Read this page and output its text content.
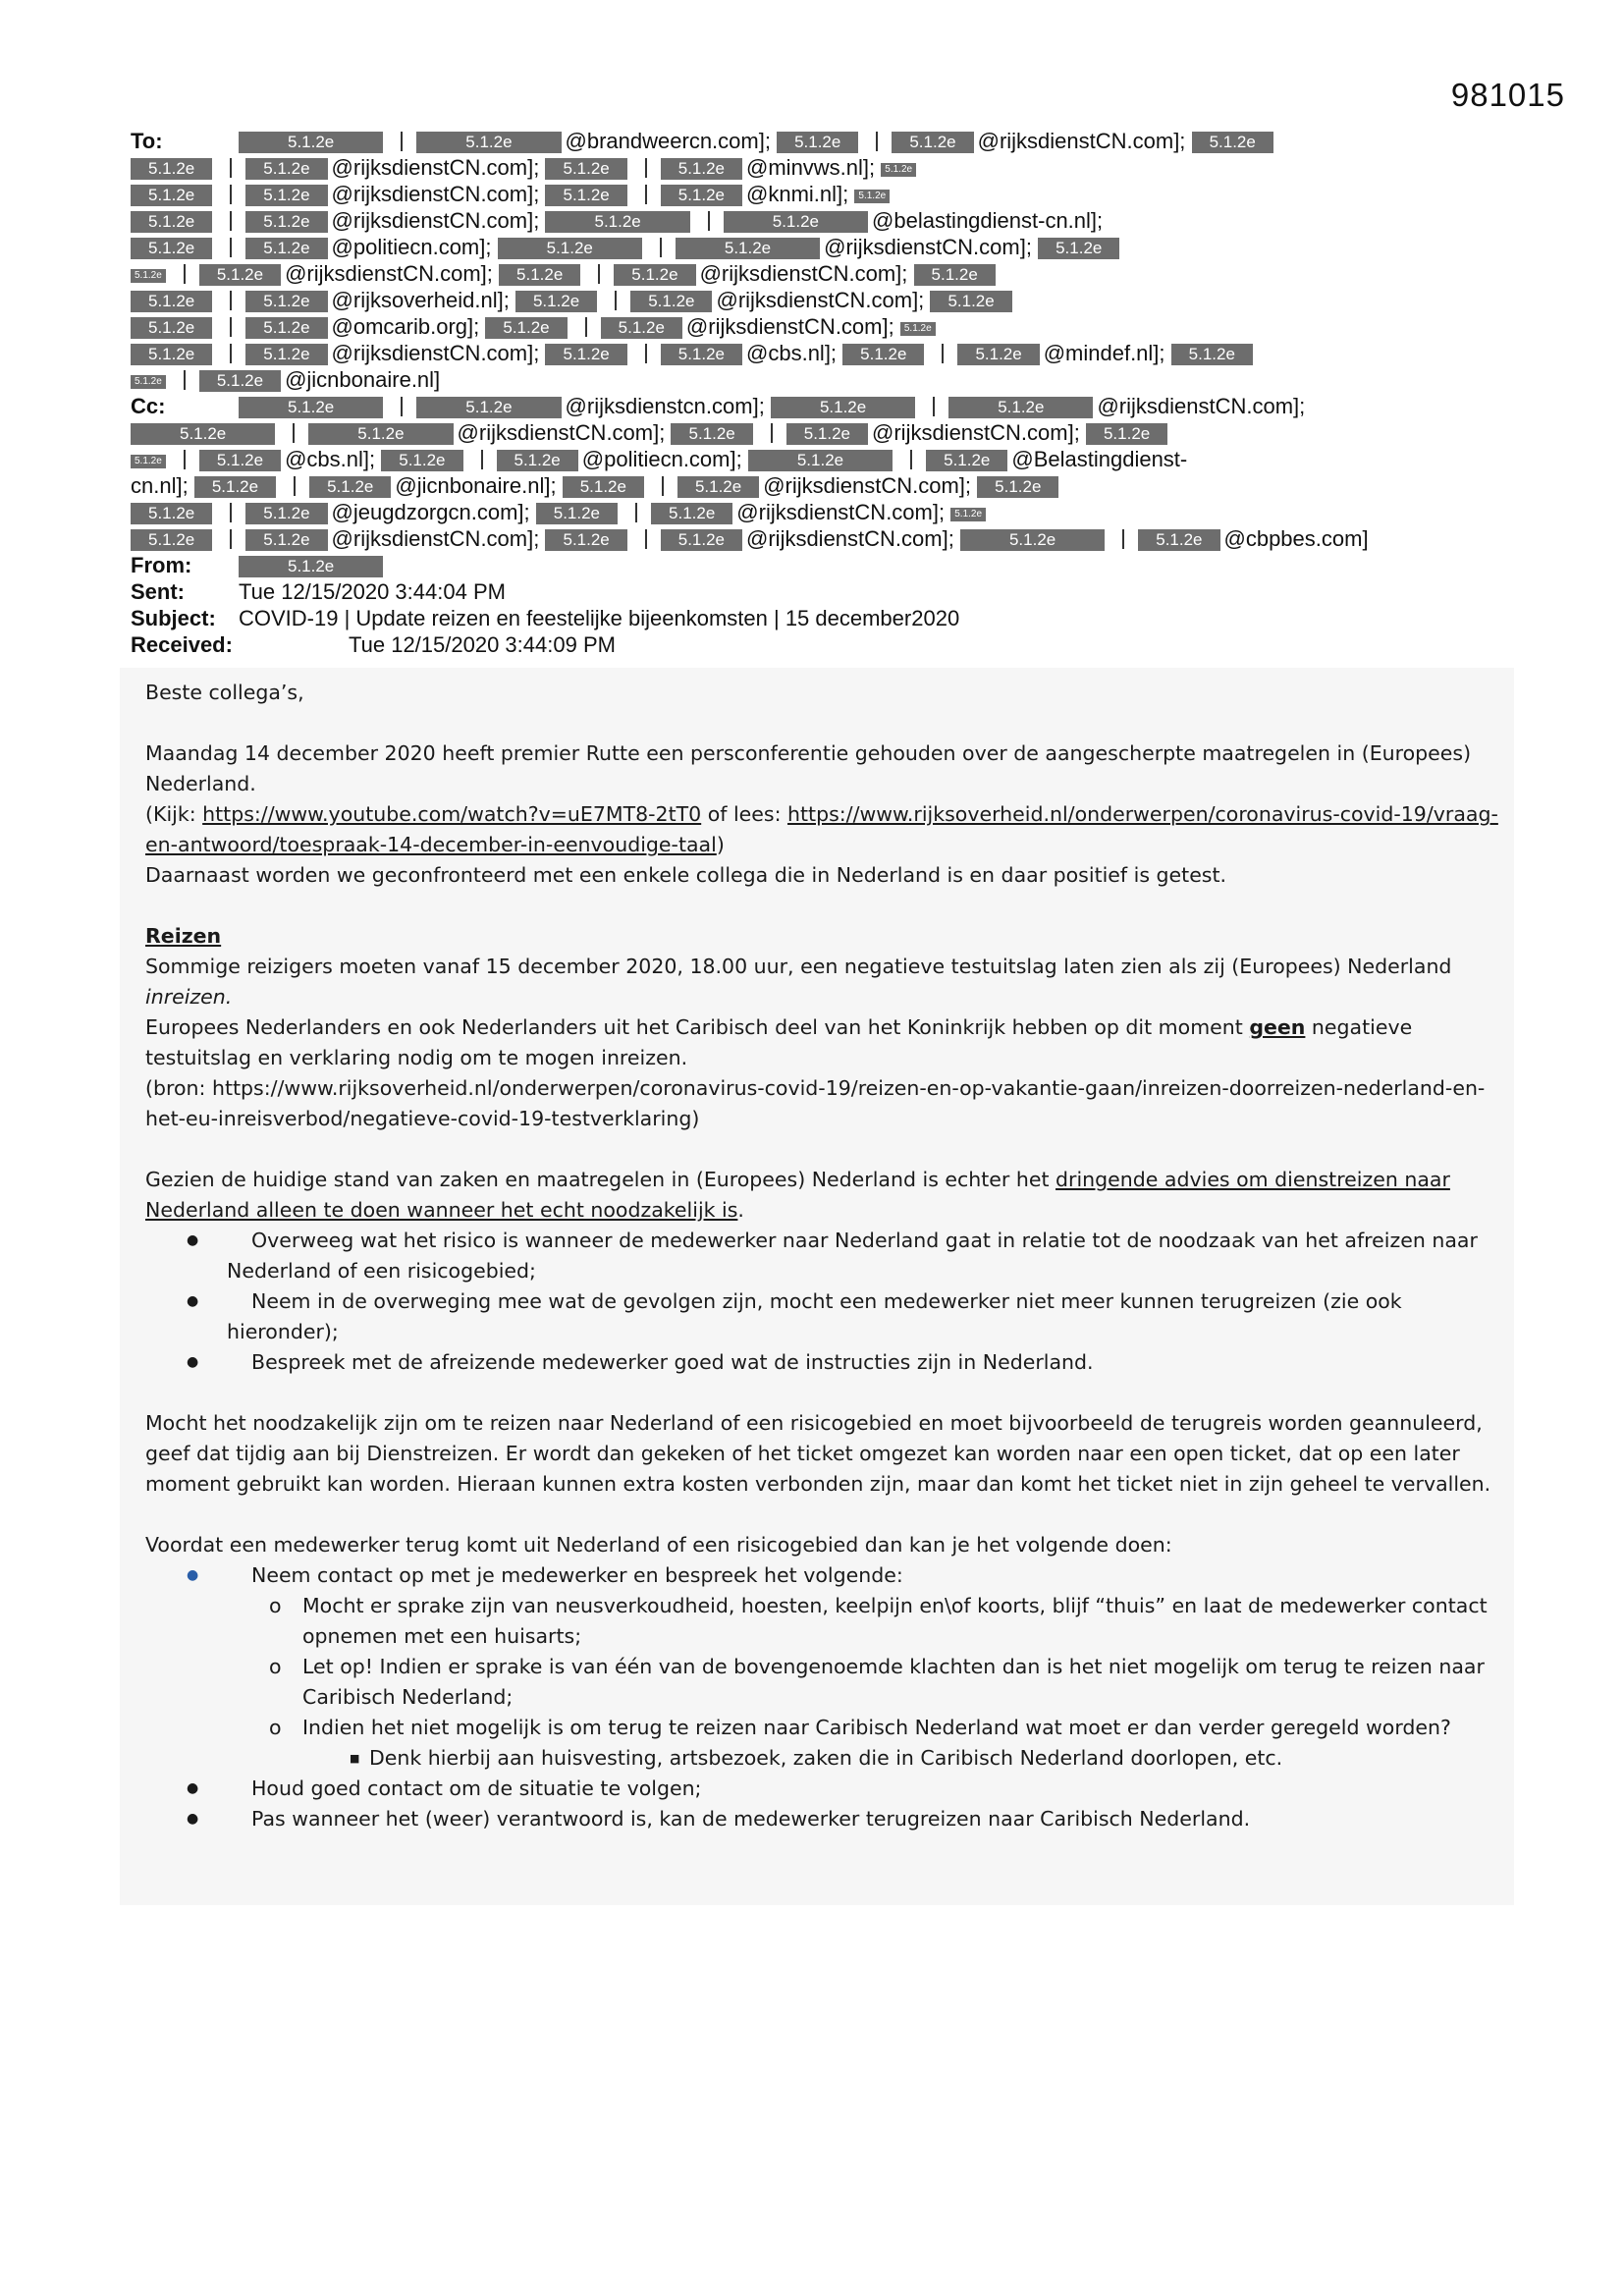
981015
To:	5.1.2e	5.1.2e @brandweercn.com]; 5.1.2e	5.1.2e @rijksdienstCN.com]; 5.1.2e
5.1.2e	5.1.2e @rijksdienstCN.com]; 5.1.2e	5.1.2e @minvws.nl]; 5.1.2e
5.1.2e	5.1.2e @rijksdienstCN.com]; 5.1.2e	5.1.2e @knmi.nl]; 5.1.2e
5.1.2e	5.1.2e @rijksdienstCN.com];	5.1.2e	5.1.2e @belastingdienst-cn.nl];
5.1.2e	5.1.2e @politiecn.com];	5.1.2e	5.1.2e @rijksdienstCN.com]; 5.1.2e
5.1.2e	5.1.2e @rijksdienstCN.com]; 5.1.2e	5.1.2e @rijksdienstCN.com]; 5.1.2e
5.1.2e	5.1.2e @rijksoverheid.nl]; 5.1.2e	5.1.2e @rijksdienstCN.com]; 5.1.2e
5.1.2e	5.1.2e @omcarib.org]; 5.1.2e	5.1.2e @rijksdienstCN.com]; 5.1.2e
5.1.2e	5.1.2e @rijksdienstCN.com]; 5.1.2e	5.1.2e @cbs.nl]; 5.1.2e	5.1.2e @mindef.nl]; 5.1.2e
5.1.2e	5.1.2e @jicnbonaire.nl]
Cc:	5.1.2e	5.1.2e @rijksdienstcn.com];	5.1.2e	5.1.2e @rijksdienstCN.com];
5.1.2e	5.1.2e @rijksdienstCN.com]; 5.1.2e	5.1.2e @rijksdienstCN.com]; 5.1.2e
5.1.2e	5.1.2e @cbs.nl]; 5.1.2e	5.1.2e @politiecn.com];	5.1.2e	5.1.2e @Belastingdienst-
cn.nl]; 5.1.2e	5.1.2e @jicnbonaire.nl]; 5.1.2e	5.1.2e @rijksdienstCN.com]; 5.1.2e
5.1.2e	5.1.2e @jeugdzorgcn.com]; 5.1.2e	5.1.2e @rijksdienstCN.com]; 5.1.2e
5.1.2e	5.1.2e @rijksdienstCN.com]; 5.1.2e	5.1.2e @rijksdienstCN.com];	5.1.2e	5.1.2e @cbpbes.com]
From:	5.1.2e
Sent:	Tue 12/15/2020 3:44:04 PM
Subject: COVID-19 | Update reizen en feestelijke bijeenkomsten | 15 december2020
Received:	Tue 12/15/2020 3:44:09 PM

Beste collega’s,

Maandag 14 december 2020 heeft premier Rutte een persconferentie gehouden over de aangescherpte maatregelen in (Europees) Nederland.
(Kijk: https://www.youtube.com/watch?v=uE7MT8-2tT0 of lees: https://www.rijksoverheid.nl/onderwerpen/coronavirus-covid-19/vraag-en-antwoord/toespraak-14-december-in-eenvoudige-taal)
Daarnaast worden we geconfronteerd met een enkele collega die in Nederland is en daar positief is getest.

Reizen
Sommige reizigers moeten vanaf 15 december 2020, 18.00 uur, een negatieve testuitslag laten zien als zij (Europees) Nederland
inreizen.
Europees Nederlanders en ook Nederlanders uit het Caribisch deel van het Koninkrijk hebben op dit moment geen negatieve testuitslag en verklaring nodig om te mogen inreizen.
(bron: https://www.rijksoverheid.nl/onderwerpen/coronavirus-covid-19/reizen-en-op-vakantie-gaan/inreizen-doorreizen-nederland-en-het-eu-inreisverbod/negatieve-covid-19-testverklaring)

Gezien de huidige stand van zaken en maatregelen in (Europees) Nederland is echter het dringende advies om dienstreizen naar Nederland alleen te doen wanneer het echt noodzakelijk is.
● Overweeg wat het risico is wanneer de medewerker naar Nederland gaat in relatie tot de noodzaak van het afreizen naar Nederland of een risicogebied;
● Neem in de overweging mee wat de gevolgen zijn, mocht een medewerker niet meer kunnen terugreizen (zie ook hieronder);
● Bespreek met de afreizende medewerker goed wat de instructies zijn in Nederland.

Mocht het noodzakelijk zijn om te reizen naar Nederland of een risicogebied en moet bijvoorbeeld de terugreis worden geannuleerd, geef dat tijdig aan bij Dienstreizen. Er wordt dan gekeken of het ticket omgezet kan worden naar een open ticket, dat op een later moment gebruikt kan worden. Hieraan kunnen extra kosten verbonden zijn, maar dan komt het ticket niet in zijn geheel te vervallen.

Voordat een medewerker terug komt uit Nederland of een risicogebied dan kan je het volgende doen:
● Neem contact op met je medewerker en bespreek het volgende:
o Mocht er sprake zijn van neusverkoudheid, hoesten, keelpijn en\of koorts, blijf “thuis” en laat de medewerker contact opnemen met een huisarts;
o Let op! Indien er sprake is van één van de bovengenoemde klachten dan is het niet mogelijk om terug te reizen naar Caribisch Nederland;
o Indien het niet mogelijk is om terug te reizen naar Caribisch Nederland wat moet er dan verder geregeld worden?
■ Denk hierbij aan huisvesting, artsbezoek, zaken die in Caribisch Nederland doorlopen, etc.
● Houd goed contact om de situatie te volgen;
● Pas wanneer het (weer) verantwoord is, kan de medewerker terugreizen naar Caribisch Nederland.
